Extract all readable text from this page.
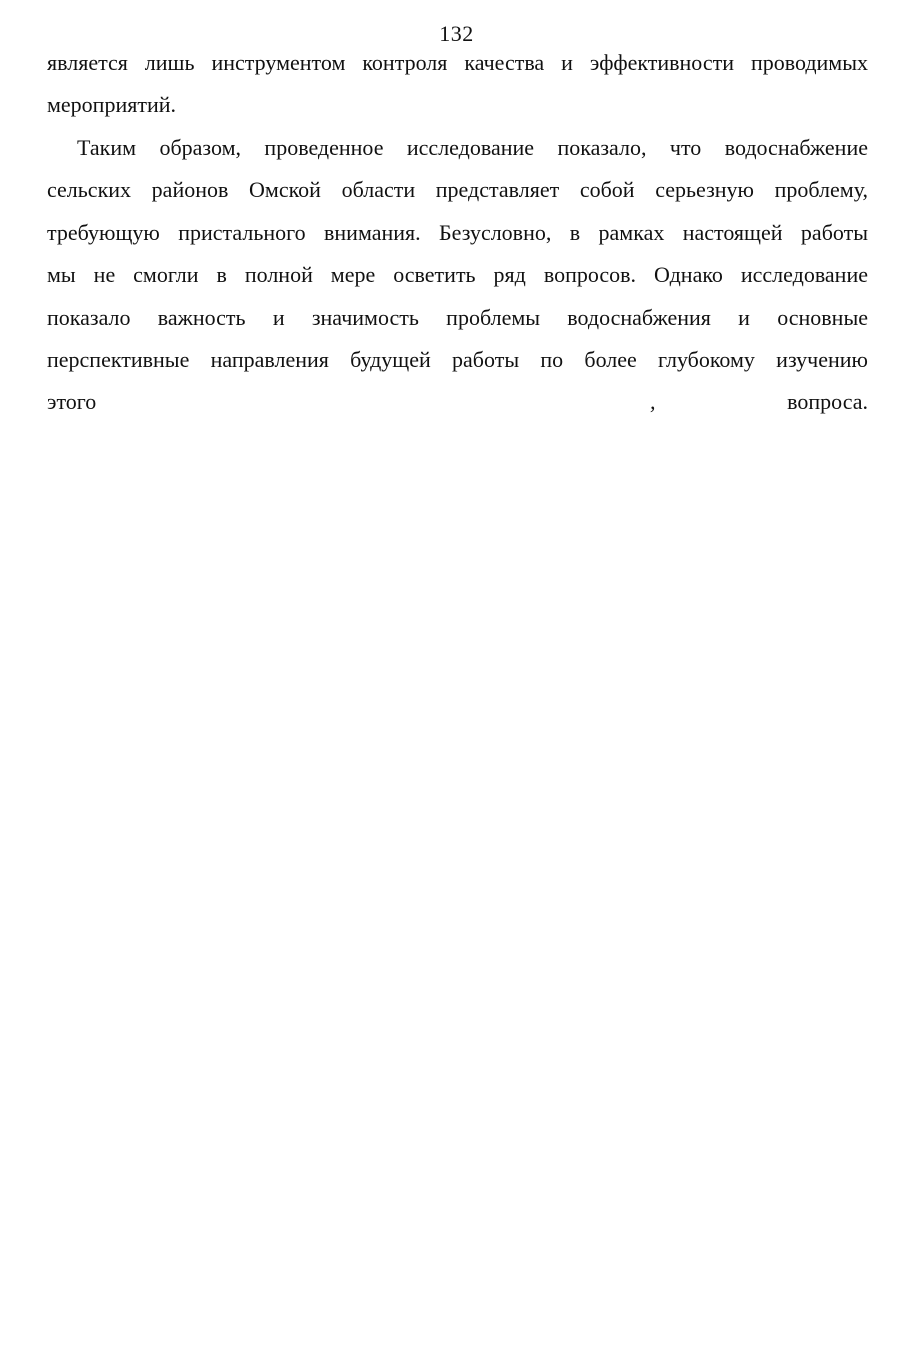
132
является лишь инструментом контроля качества и эффективности проводимых
мероприятий.
Таким образом, проведенное исследование показало, что водоснабжение
сельских районов Омской области представляет собой серьезную проблему,
требующую пристального внимания. Безусловно, в рамках настоящей работы
мы не смогли в полной мере осветить ряд вопросов. Однако исследование
показало важность и значимость проблемы водоснабжения и основные
перспективные направления будущей работы по более глубокому изучению
этого	вопроса.
,
